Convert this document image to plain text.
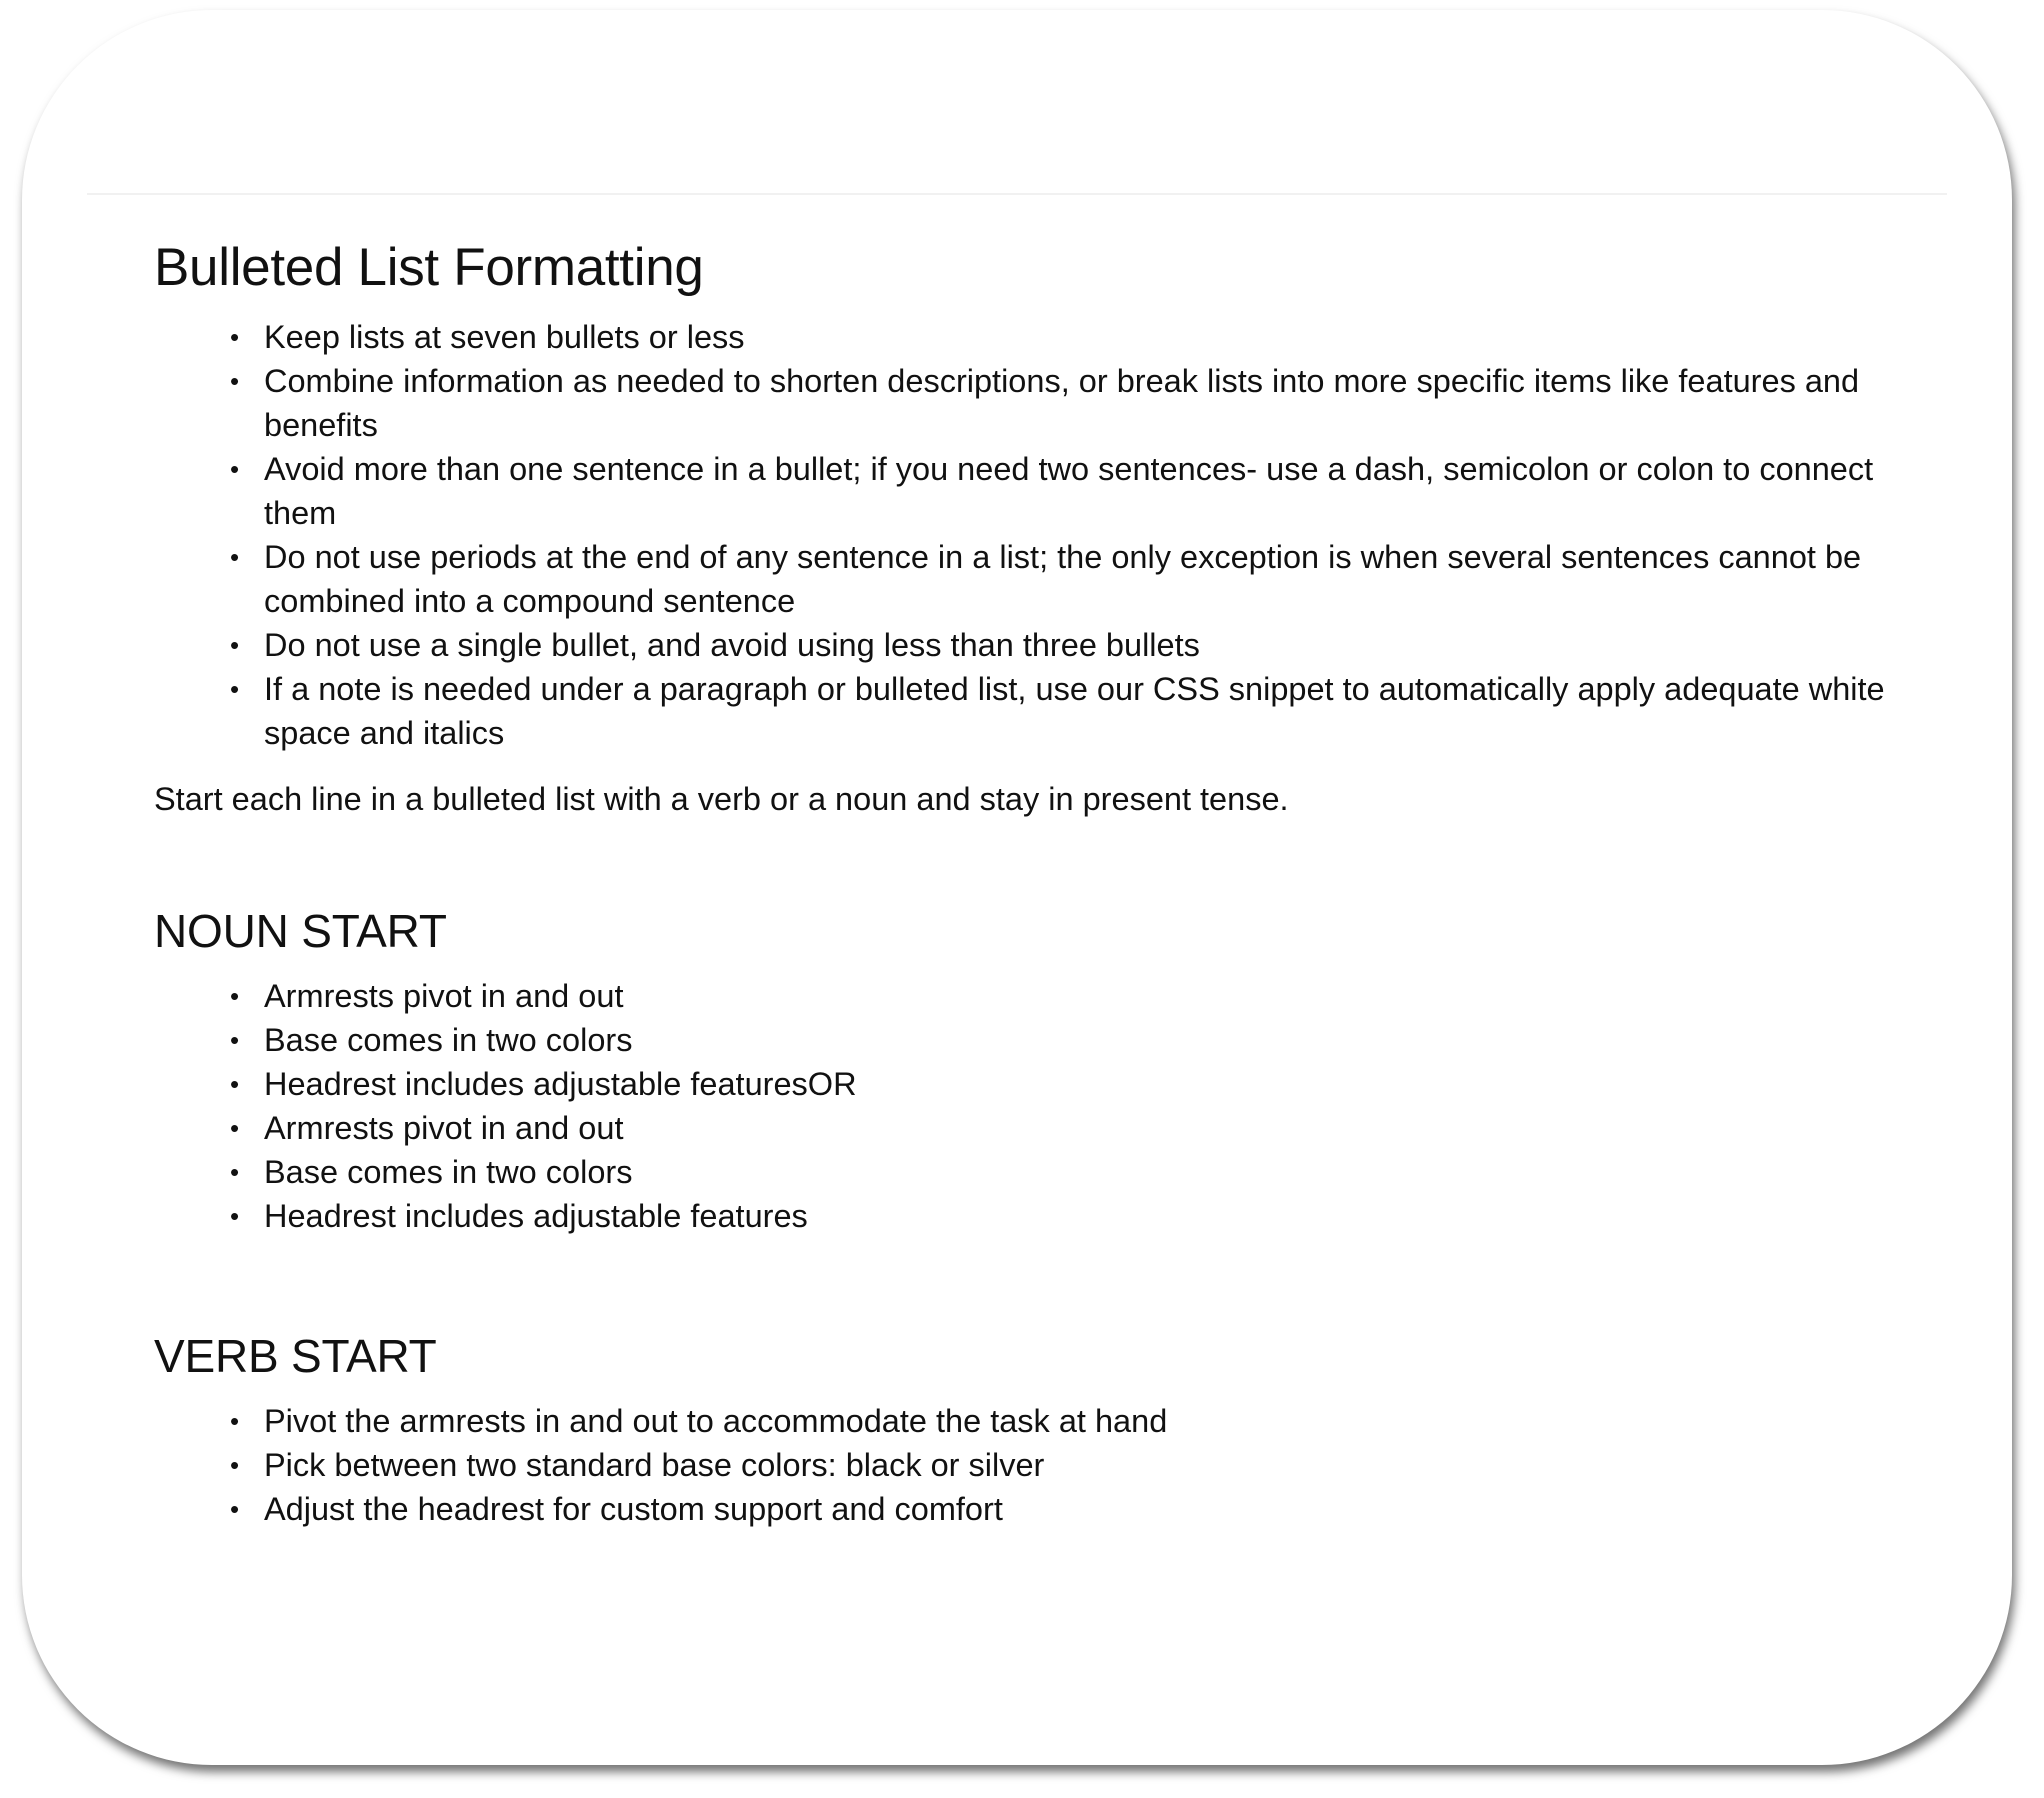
Bulleted List Formatting
• Keep lists at seven bullets or less
• Combine information as needed to shorten descriptions, or break lists into more specific items like features and benefits
• Avoid more than one sentence in a bullet; if you need two sentences- use a dash, semicolon or colon to connect them
• Do not use periods at the end of any sentence in a list; the only exception is when several sentences cannot be combined into a compound sentence
• Do not use a single bullet, and avoid using less than three bullets
• If a note is needed under a paragraph or bulleted list, use our CSS snippet to automatically apply adequate white space and italics

Start each line in a bulleted list with a verb or a noun and stay in present tense.

NOUN START
• Armrests pivot in and out
• Base comes in two colors
• Headrest includes adjustable featuresOR
• Armrests pivot in and out
• Base comes in two colors
• Headrest includes adjustable features
VERB START
• Pivot the armrests in and out to accommodate the task at hand
• Pick between two standard base colors: black or silver
• Adjust the headrest for custom support and comfort
